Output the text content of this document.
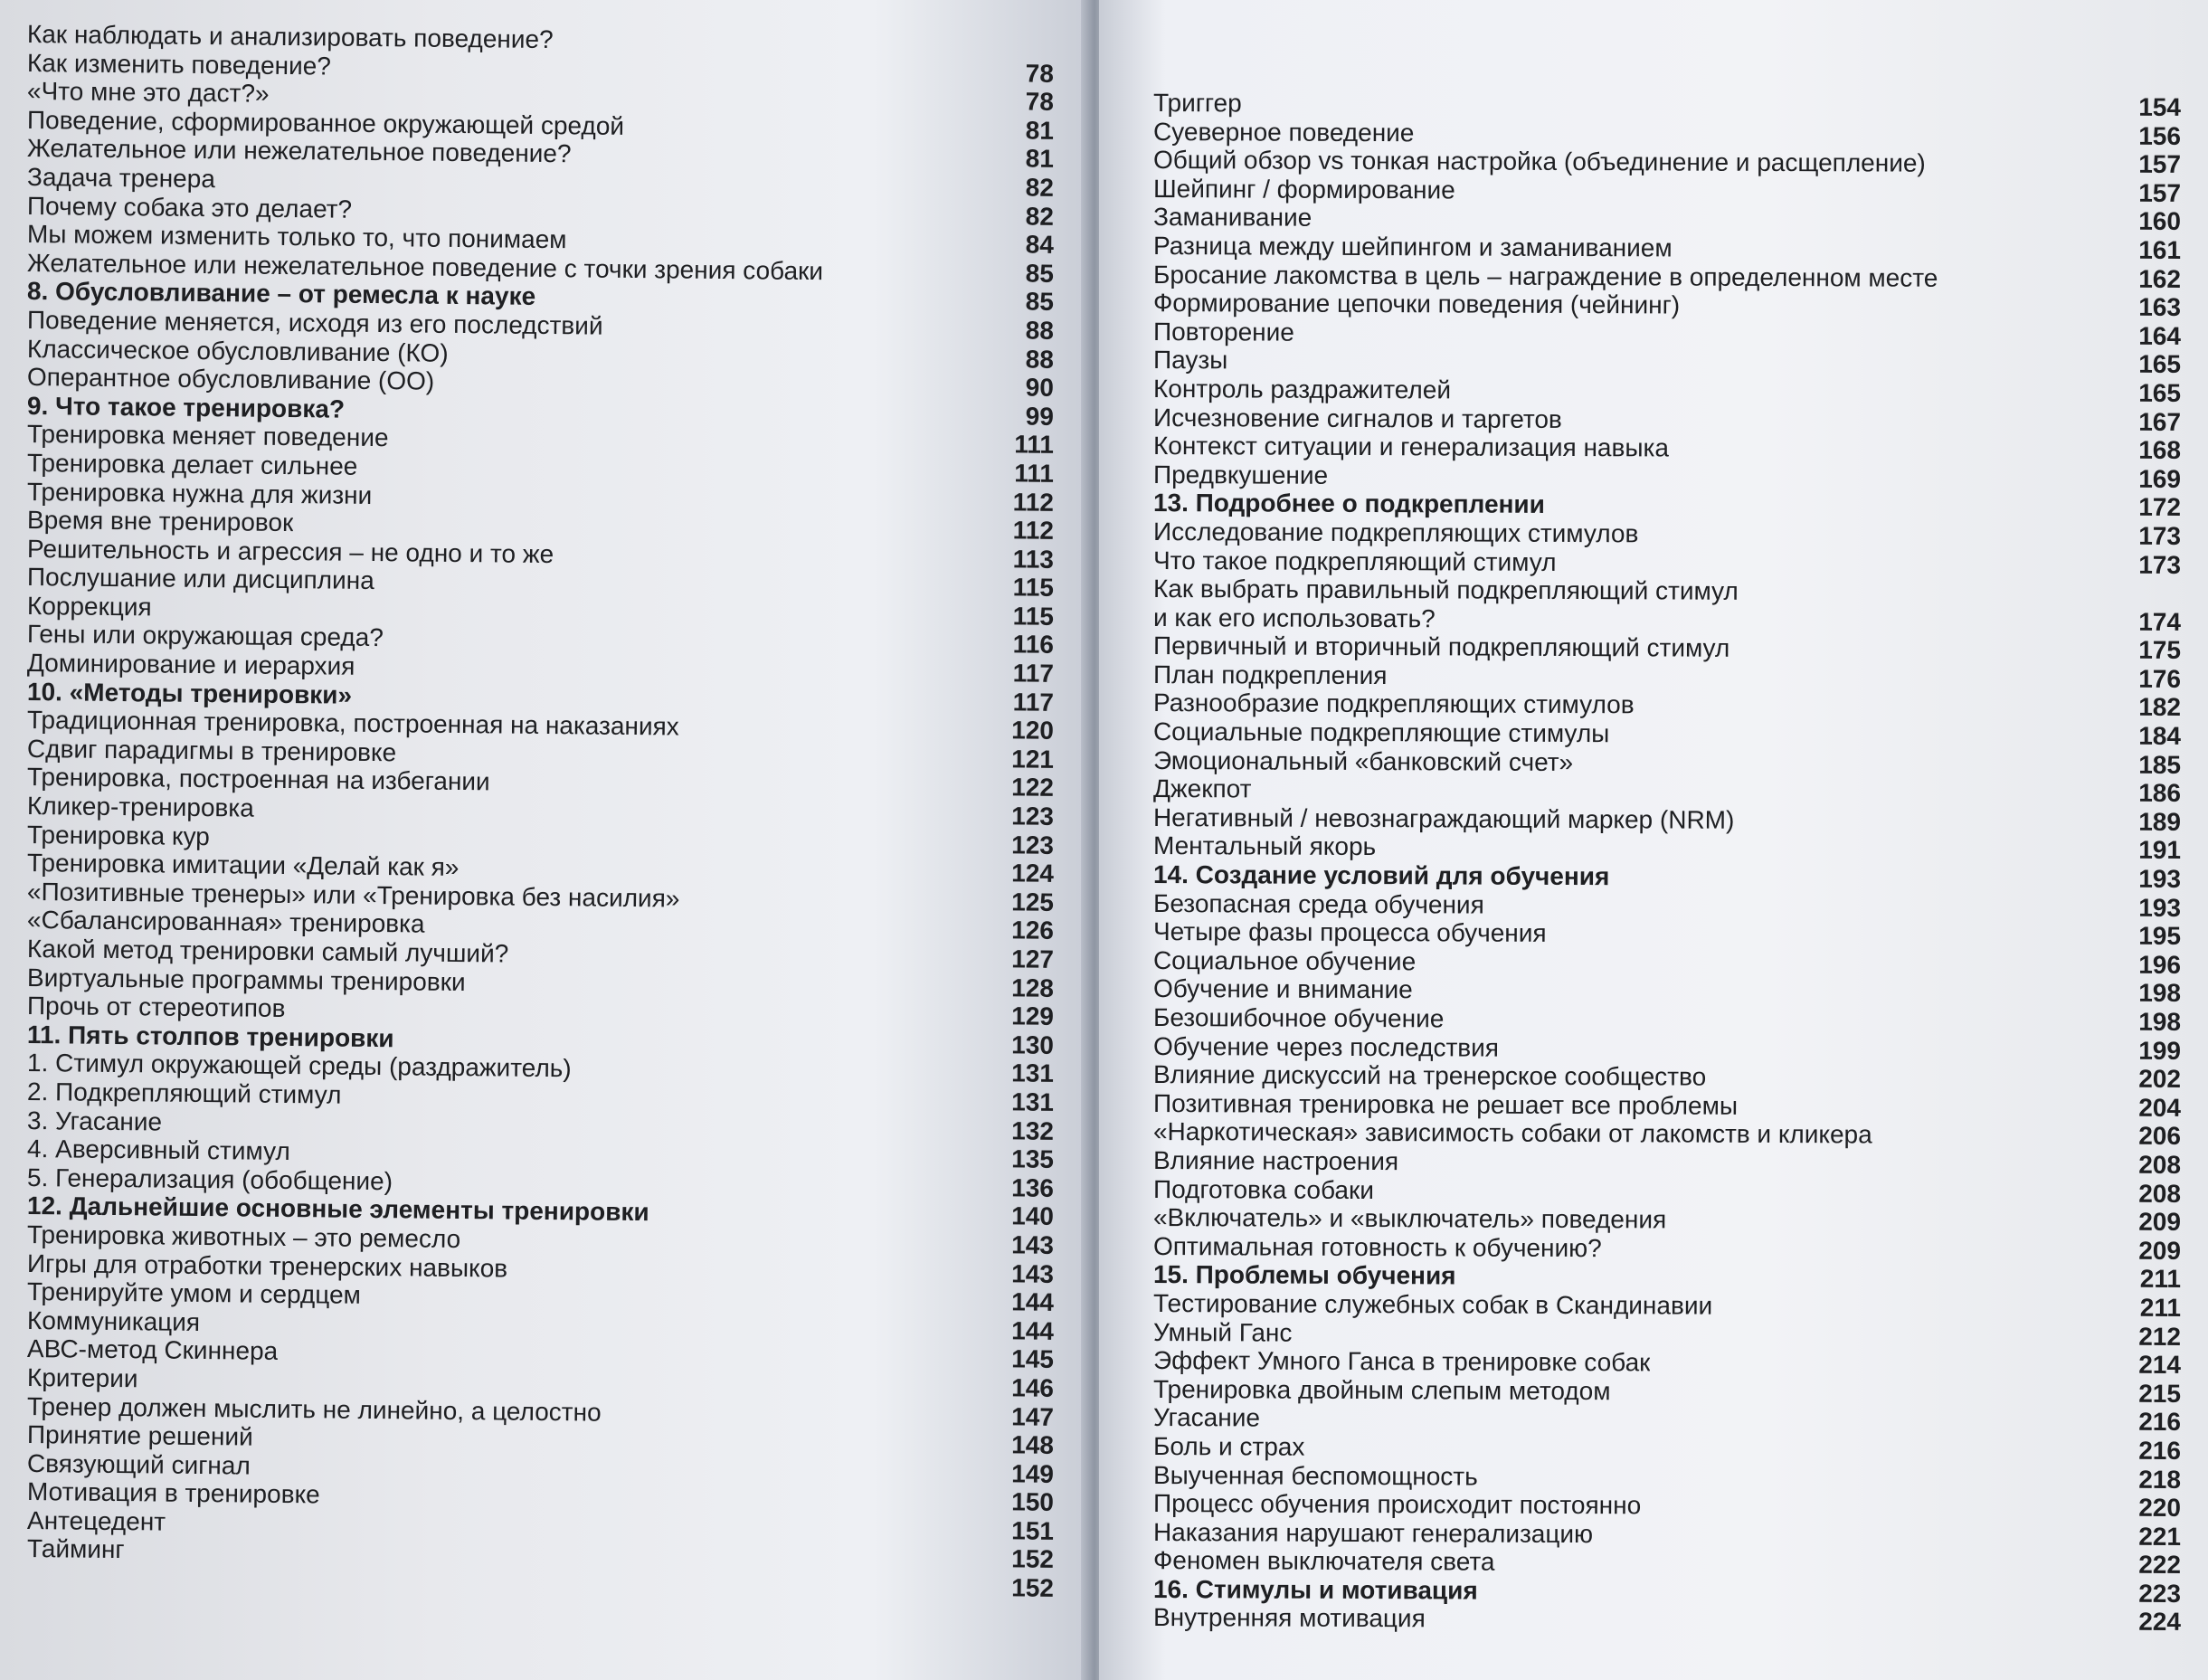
Как наблюдать и анализировать поведение?
Как изменить поведение?	78
«Что мне это даст?»	78
Поведение, сформированное окружающей средой	81
Желательное или нежелательное поведение?	81
Задача тренера	82
Почему собака это делает?	82
Мы можем изменить только то, что понимаем	84
Желательное или нежелательное поведение с точки зрения собаки	85
8. Обусловливание – от ремесла к науке	85
Поведение меняется, исходя из его последствий	88
Классическое обусловливание (КО)	88
Оперантное обусловливание (ОО)	90
9. Что такое тренировка?	99
Тренировка меняет поведение	111
Тренировка делает сильнее	111
Тренировка нужна для жизни	112
Время вне тренировок	112
Решительность и агрессия – не одно и то же	113
Послушание или дисциплина	115
Коррекция	115
Гены или окружающая среда?	116
Доминирование и иерархия	117
10. «Методы тренировки»	117
Традиционная тренировка, построенная на наказаниях	120
Сдвиг парадигмы в тренировке	121
Тренировка, построенная на избегании	122
Кликер-тренировка	123
Тренировка кур	123
Тренировка имитации «Делай как я»	124
«Позитивные тренеры» или «Тренировка без насилия»	125
«Сбалансированная» тренировка	126
Какой метод тренировки самый лучший?	127
Виртуальные программы тренировки	128
Прочь от стереотипов	129
11. Пять столпов тренировки	130
1. Стимул окружающей среды (раздражитель)	131
2. Подкрепляющий стимул	131
3. Угасание	132
4. Аверсивный стимул	135
5. Генерализация (обобщение)	136
12. Дальнейшие основные элементы тренировки	140
Тренировка животных – это ремесло	143
Игры для отработки тренерских навыков	143
Тренируйте умом и сердцем	144
Коммуникация	144
АВС-метод Скиннера	145
Критерии	146
Тренер должен мыслить не линейно, а целостно	147
Принятие решений	148
Связующий сигнал	149
Мотивация в тренировке	150
Антецедент	151
Тайминг	152
152
Триггер	154
Суеверное поведение	156
Общий обзор vs тонкая настройка (объединение и расщепление)	157
Шейпинг / формирование	157
Заманивание	160
Разница между шейпингом и заманиванием	161
Бросание лакомства в цель – награждение в определенном месте	162
Формирование цепочки поведения (чейнинг)	163
Повторение	164
Паузы	165
Контроль раздражителей	165
Исчезновение сигналов и таргетов	167
Контекст ситуации и генерализация навыка	168
Предвкушение	169
13. Подробнее о подкреплении	172
Исследование подкрепляющих стимулов	173
Что такое подкрепляющий стимул	173
Как выбрать правильный подкрепляющий стимул
и как его использовать?	174
Первичный и вторичный подкрепляющий стимул	175
План подкрепления	176
Разнообразие подкрепляющих стимулов	182
Социальные подкрепляющие стимулы	184
Эмоциональный «банковский счет»	185
Джекпот	186
Негативный / невознаграждающий маркер (NRM)	189
Ментальный якорь	191
14. Создание условий для обучения	193
Безопасная среда обучения	193
Четыре фазы процесса обучения	195
Социальное обучение	196
Обучение и внимание	198
Безошибочное обучение	198
Обучение через последствия	199
Влияние дискуссий на тренерское сообщество	202
Позитивная тренировка не решает все проблемы	204
«Наркотическая» зависимость собаки от лакомств и кликера	206
Влияние настроения	208
Подготовка собаки	208
«Включатель» и «выключатель» поведения	209
Оптимальная готовность к обучению?	209
15. Проблемы обучения	211
Тестирование служебных собак в Скандинавии	211
Умный Ганс	212
Эффект Умного Ганса в тренировке собак	214
Тренировка двойным слепым методом	215
Угасание	216
Боль и страх	216
Выученная беспомощность	218
Процесс обучения происходит постоянно	220
Наказания нарушают генерализацию	221
Феномен выключателя света	222
16. Стимулы и мотивация	223
Внутренняя мотивация	224
